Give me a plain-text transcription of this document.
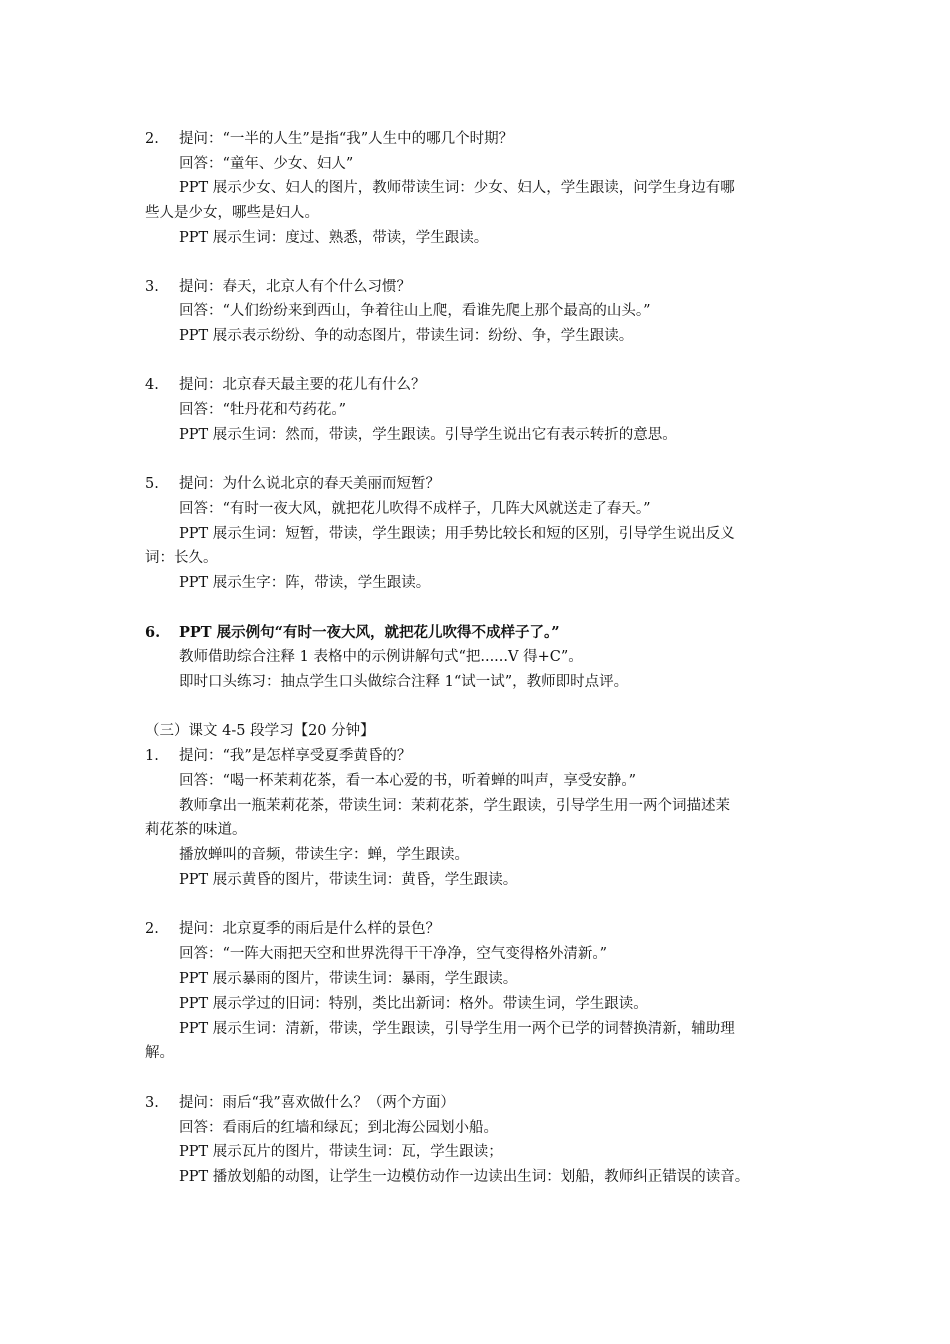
2. 提问：“一半的人生”是指“我”人生中的哪几个时期？
回答：“童年、少女、妇人”
PPT 展示少女、妇人的图片，教师带读生词：少女、妇人，学生跟读，问学生身边有哪
些人是少女，哪些是妇人。
PPT 展示生词：度过、熟悉，带读，学生跟读。
3. 提问：春天，北京人有个什么习惯？
回答：“人们纷纷来到西山，争着往山上爬，看谁先爬上那个最高的山头。”
PPT 展示表示纷纷、争的动态图片，带读生词：纷纷、争，学生跟读。
4. 提问：北京春天最主要的花儿有什么？
回答：“牡丹花和芍药花。”
PPT 展示生词：然而，带读，学生跟读。引导学生说出它有表示转折的意思。
5. 提问：为什么说北京的春天美丽而短暂？
回答：“有时一夜大风，就把花儿吹得不成样子，几阵大风就送走了春天。”
PPT 展示生词：短暂，带读，学生跟读；用手势比较长和短的区别，引导学生说出反义
词：长久。
PPT 展示生字：阵，带读，学生跟读。
6. PPT 展示例句“有时一夜大风，就把花儿吹得不成样子了。”
教师借助综合注释 1 表格中的示例讲解句式“把......V 得+C”。
即时口头练习：抽点学生口头做综合注释 1“试一试”，教师即时点评。
（三）课文 4-5 段学习【20 分钟】
1. 提问：“我”是怎样享受夏季黄昏的？
回答：“喝一杯茉莉花茶，看一本心爱的书，听着蝉的叫声，享受安静。”
教师拿出一瓶茉莉花茶，带读生词：茉莉花茶，学生跟读，引导学生用一两个词描述茉
莉花茶的味道。
播放蝉叫的音频，带读生字：蝉，学生跟读。
PPT 展示黄昏的图片，带读生词：黄昏，学生跟读。
2. 提问：北京夏季的雨后是什么样的景色？
回答：“一阵大雨把天空和世界洗得干干净净，空气变得格外清新。”
PPT 展示暴雨的图片，带读生词：暴雨，学生跟读。
PPT 展示学过的旧词：特别，类比出新词：格外。带读生词，学生跟读。
PPT 展示生词：清新，带读，学生跟读，引导学生用一两个已学的词替换清新，辅助理
解。
3. 提问：雨后“我”喜欢做什么？（两个方面）
回答：看雨后的红墙和绿瓦；到北海公园划小船。
PPT 展示瓦片的图片，带读生词：瓦，学生跟读；
PPT 播放划船的动图，让学生一边模仿动作一边读出生词：划船，教师纠正错误的读音。
